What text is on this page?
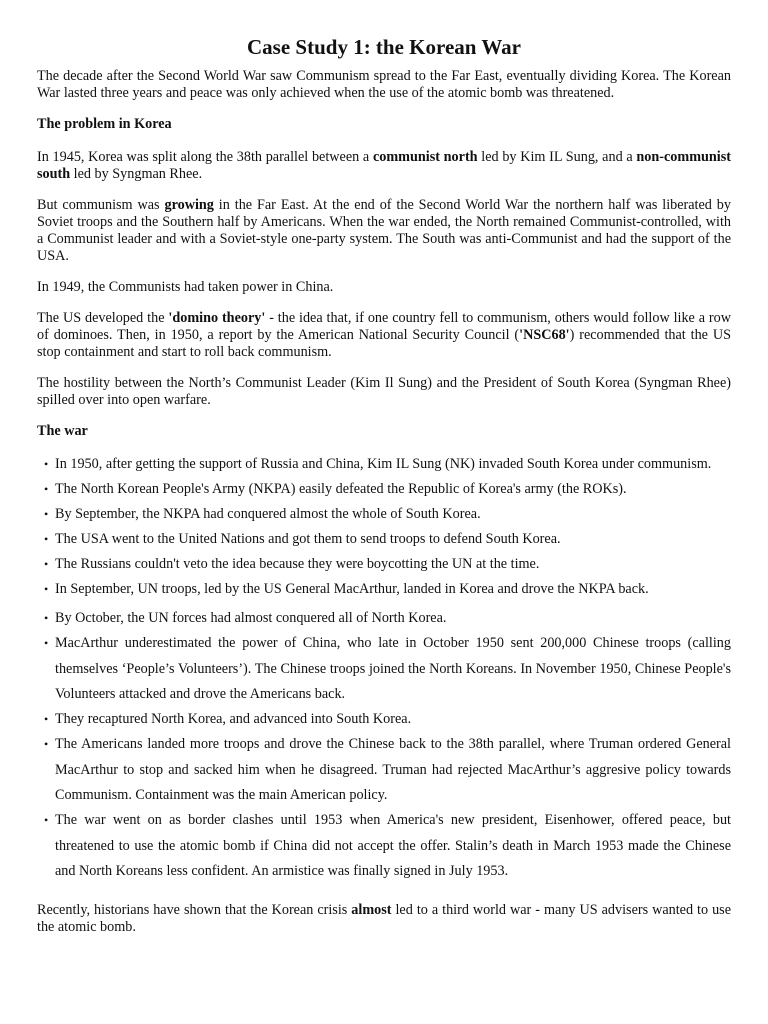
Case Study 1: the Korean War

The decade after the Second World War saw Communism spread to the Far East, eventually dividing Korea. The Korean War lasted three years and peace was only achieved when the use of the atomic bomb was threatened.

The problem in Korea

In 1945, Korea was split along the 38th parallel between a communist north led by Kim IL Sung, and a non-communist south led by Syngman Rhee.

But communism was growing in the Far East. At the end of the Second World War the northern half was liberated by Soviet troops and the Southern half by Americans. When the war ended, the North remained Communist-controlled, with a Communist leader and with a Soviet-style one-party system. The South was anti-Communist and had the support of the USA.

In 1949, the Communists had taken power in China.

The US developed the 'domino theory' - the idea that, if one country fell to communism, others would follow like a row of dominoes. Then, in 1950, a report by the American National Security Council ('NSC68') recommended that the US stop containment and start to roll back communism.

The hostility between the North’s Communist Leader (Kim Il Sung) and the President of South Korea (Syngman Rhee) spilled over into open warfare.

The war
• In 1950, after getting the support of Russia and China, Kim IL Sung (NK) invaded South Korea under communism.
• The North Korean People's Army (NKPA) easily defeated the Republic of Korea's army (the ROKs).
• By September, the NKPA had conquered almost the whole of South Korea.
• The USA went to the United Nations and got them to send troops to defend South Korea.
• The Russians couldn't veto the idea because they were boycotting the UN at the time.
• In September, UN troops, led by the US General MacArthur, landed in Korea and drove the NKPA back.
• By October, the UN forces had almost conquered all of North Korea.
• MacArthur underestimated the power of China, who late in October 1950 sent 200,000 Chinese troops (calling themselves ‘People’s Volunteers’). The Chinese troops joined the North Koreans. In November 1950, Chinese People's Volunteers attacked and drove the Americans back.
• They recaptured North Korea, and advanced into South Korea.
• The Americans landed more troops and drove the Chinese back to the 38th parallel, where Truman ordered General MacArthur to stop and sacked him when he disagreed. Truman had rejected MacArthur’s aggresive policy towards Communism. Containment was the main American policy.
• The war went on as border clashes until 1953 when America's new president, Eisenhower, offered peace, but threatened to use the atomic bomb if China did not accept the offer. Stalin’s death in March 1953 made the Chinese and North Koreans less confident. An armistice was finally signed in July 1953.

Recently, historians have shown that the Korean crisis almost led to a third world war - many US advisers wanted to use the atomic bomb.
